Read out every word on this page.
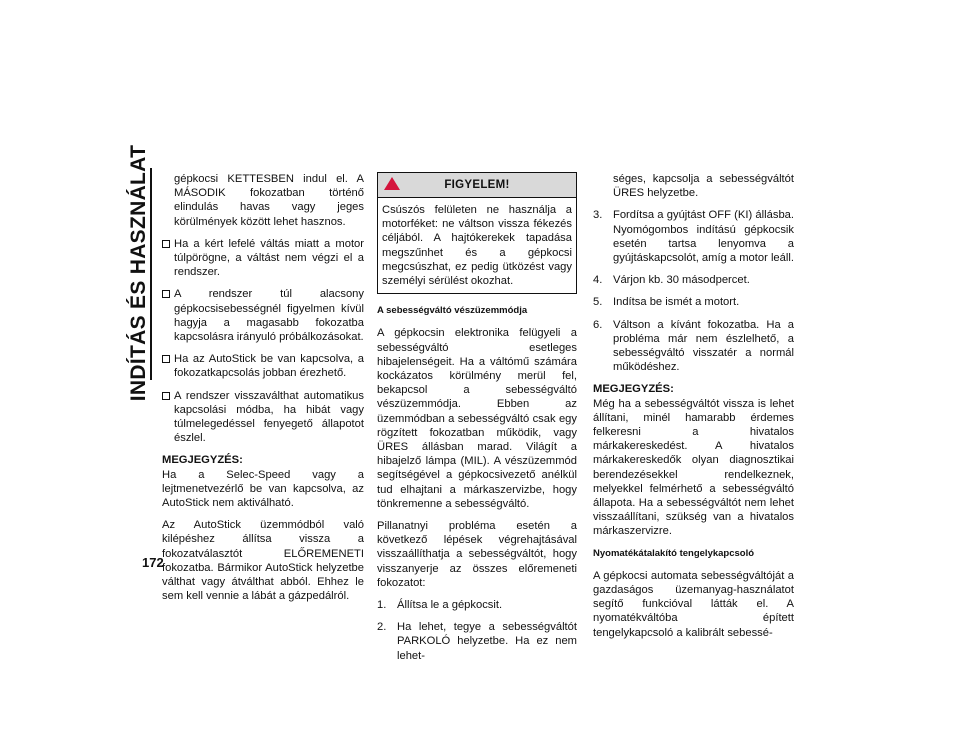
INDÍTÁS ÉS HASZNÁLAT
172

gépkocsi KETTESBEN indul el. A MÁSODIK fokozatban történő elindulás havas vagy jeges körülmények között lehet hasznos.

Ha a kért lefelé váltás miatt a motor túlpörögne, a váltást nem végzi el a rendszer.
A rendszer túl alacsony gépkocsisebességnél figyelmen kívül hagyja a magasabb fokozatba kapcsolásra irányuló próbálkozásokat.
Ha az AutoStick be van kapcsolva, a fokozatkapcsolás jobban érezhető.
A rendszer visszaválthat automatikus kapcsolási módba, ha hibát vagy túlmelegedéssel fenyegető állapotot észlel.

MEGJEGYZÉS:

Ha a Selec-Speed vagy a lejtmenetvezérlő be van kapcsolva, az AutoStick nem aktiválható.

Az AutoStick üzemmódból való kilépéshez állítsa vissza a fokozatválasztót ELŐREMENETI fokozatba. Bármikor AutoStick helyzetbe válthat vagy átválthat abból. Ehhez le sem kell vennie a lábát a gázpedálról.

FIGYELEM!

Csúszós felületen ne használja a motorféket: ne váltson vissza fékezés céljából. A hajtókerekek tapadása megszűnhet és a gépkocsi megcsúszhat, ez pedig ütközést vagy személyi sérülést okozhat.

A sebességváltó vészüzemmódja

A gépkocsin elektronika felügyeli a sebességváltó esetleges hibajelenségeit. Ha a váltómű számára kockázatos körülmény merül fel, bekapcsol a sebességváltó vészüzemmódja. Ebben az üzemmódban a sebességváltó csak egy rögzített fokozatban működik, vagy ÜRES állásban marad. Világít a hibajelző lámpa (MIL). A vészüzemmód segítségével a gépkocsivezető anélkül tud elhajtani a márkaszervizbe, hogy tönkremenne a sebességváltó.

Pillanatnyi probléma esetén a következő lépések végrehajtásával visszaállíthatja a sebességváltót, hogy visszanyerje az összes előremeneti fokozatot:

1. Állítsa le a gépkocsit.
2. Ha lehet, tegye a sebességváltót PARKOLÓ helyzetbe. Ha ez nem lehet-

séges, kapcsolja a sebességváltót ÜRES helyzetbe.

3. Fordítsa a gyújtást OFF (KI) állásba. Nyomógombos indítású gépkocsik esetén tartsa lenyomva a gyújtáskapcsolót, amíg a motor leáll.
4. Várjon kb. 30 másodpercet.
5. Indítsa be ismét a motort.
6. Váltson a kívánt fokozatba. Ha a probléma már nem észlelhető, a sebességváltó visszatér a normál működéshez.

MEGJEGYZÉS:

Még ha a sebességváltót vissza is lehet állítani, minél hamarabb érdemes felkeresni a hivatalos márkakereskedést. A hivatalos márkakereskedők olyan diagnosztikai berendezésekkel rendelkeznek, melyekkel felmérhető a sebességváltó állapota. Ha a sebességváltót nem lehet visszaállítani, szükség van a hivatalos márkaszervizre.

Nyomatékátalakító tengelykapcsoló

A gépkocsi automata sebességváltóját a gazdaságos üzemanyag-használatot segítő funkcióval látták el. A nyomatékváltóba épített tengelykapcsoló a kalibrált sebessé-
